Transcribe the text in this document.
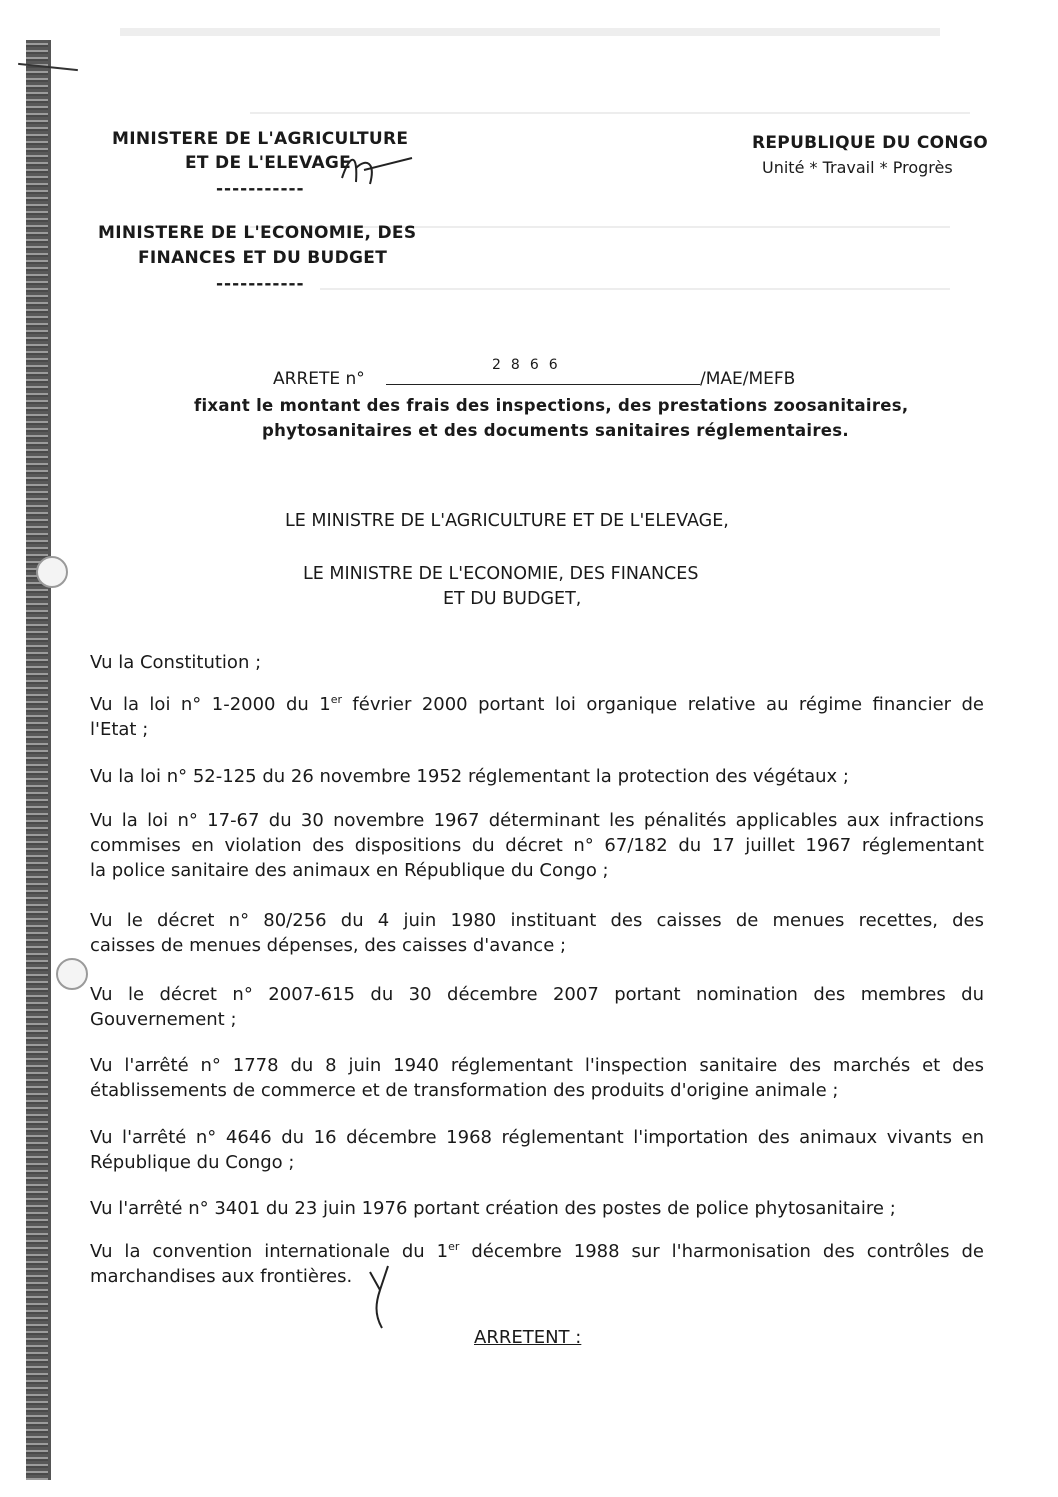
MINISTERE DE L'AGRICULTURE
ET DE L'ELEVAGE
-----------
MINISTERE DE L'ECONOMIE, DES
FINANCES ET DU BUDGET
-----------
REPUBLIQUE DU CONGO
Unité * Travail * Progrès
ARRETE n°
2866
/MAE/MEFB
fixant le montant des frais des inspections, des prestations zoosanitaires,
phytosanitaires et des documents sanitaires réglementaires.
LE MINISTRE DE L'AGRICULTURE ET DE L'ELEVAGE,
LE MINISTRE DE L'ECONOMIE, DES FINANCES
ET DU BUDGET,
Vu la Constitution ;
Vu la loi n° 1-2000 du 1er février 2000 portant loi organique relative au régime financier de
l'Etat ;
Vu la loi n° 52-125 du 26 novembre 1952 réglementant la protection des végétaux ;
Vu la loi n° 17-67 du 30 novembre 1967 déterminant les pénalités applicables aux infractions
commises en violation des dispositions du décret n° 67/182 du 17 juillet 1967 réglementant
la police sanitaire des animaux en République du Congo ;
Vu le décret n° 80/256 du 4 juin 1980 instituant des caisses de menues recettes, des
caisses de menues dépenses, des caisses d'avance ;
Vu le décret n° 2007-615 du 30 décembre 2007 portant nomination des membres du
Gouvernement ;
Vu l'arrêté n° 1778 du 8 juin 1940 réglementant l'inspection sanitaire des marchés et des
établissements de commerce et de transformation des produits d'origine animale ;
Vu l'arrêté n° 4646 du 16 décembre 1968 réglementant l'importation des animaux vivants en
République du Congo ;
Vu l'arrêté n° 3401 du 23 juin 1976 portant création des postes de police phytosanitaire ;
Vu la convention internationale du 1er décembre 1988 sur l'harmonisation des contrôles de
marchandises aux frontières.
ARRETENT :
